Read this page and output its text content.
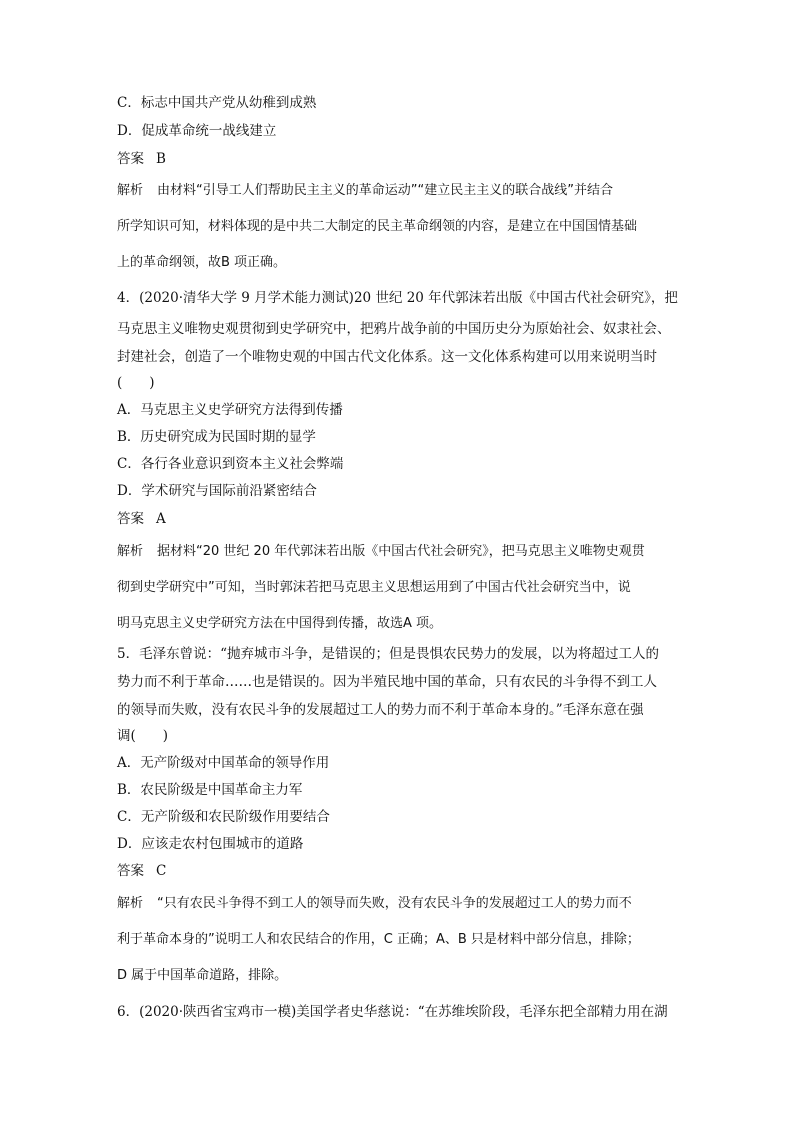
C．标志中国共产党从幼稚到成熟
D．促成革命统一战线建立
答案 B
解析 由材料“引导工人们帮助民主主义的革命运动”“建立民主主义的联合战线”并结合
所学知识可知，材料体现的是中共二大制定的民主革命纲领的内容，是建立在中国国情基础
上的革命纲领，故B 项正确。
4．(2020·清华大学 9 月学术能力测试)20 世纪 20 年代郭沫若出版《中国古代社会研究》，把
马克思主义唯物史观贯彻到史学研究中，把鸦片战争前的中国历史分为原始社会、奴隶社会、
封建社会，创造了一个唯物史观的中国古代文化体系。这一文化体系构建可以用来说明当时
(　　)
A．马克思主义史学研究方法得到传播
B．历史研究成为民国时期的显学
C．各行各业意识到资本主义社会弊端
D．学术研究与国际前沿紧密结合
答案 A
解析 据材料“20 世纪 20 年代郭沫若出版《中国古代社会研究》，把马克思主义唯物史观贯
彻到史学研究中”可知，当时郭沫若把马克思主义思想运用到了中国古代社会研究当中，说
明马克思主义史学研究方法在中国得到传播，故选A 项。
5．毛泽东曾说：“抛弃城市斗争，是错误的；但是畏惧农民势力的发展，以为将超过工人的
势力而不利于革命……也是错误的。因为半殖民地中国的革命，只有农民的斗争得不到工人
的领导而失败，没有农民斗争的发展超过工人的势力而不利于革命本身的。”毛泽东意在强
调(　　)
A．无产阶级对中国革命的领导作用
B．农民阶级是中国革命主力军
C．无产阶级和农民阶级作用要结合
D．应该走农村包围城市的道路
答案 C
解析 “只有农民斗争得不到工人的领导而失败，没有农民斗争的发展超过工人的势力而不
利于革命本身的”说明工人和农民结合的作用，C 正确；A、B 只是材料中部分信息，排除；
D 属于中国革命道路，排除。
6．(2020·陕西省宝鸡市一模)美国学者史华慈说：“在苏维埃阶段，毛泽东把全部精力用在湖
